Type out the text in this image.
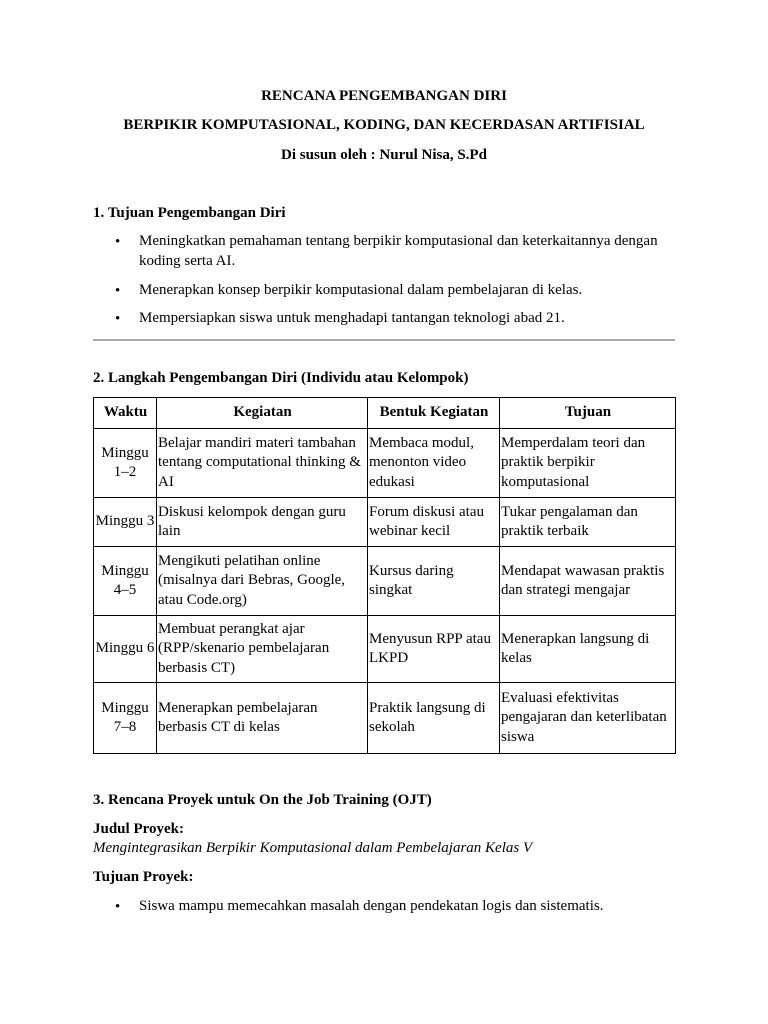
RENCANA PENGEMBANGAN DIRI
BERPIKIR KOMPUTASIONAL, KODING, DAN KECERDASAN ARTIFISIAL
Di susun oleh : Nurul Nisa, S.Pd
1. Tujuan Pengembangan Diri
• Meningkatkan pemahaman tentang berpikir komputasional dan keterkaitannya dengan koding serta AI.
• Menerapkan konsep berpikir komputasional dalam pembelajaran di kelas.
• Mempersiapkan siswa untuk menghadapi tantangan teknologi abad 21.
2. Langkah Pengembangan Diri (Individu atau Kelompok)
Waktu	Kegiatan	Bentuk Kegiatan	Tujuan
Minggu 1–2	Belajar mandiri materi tambahan tentang computational thinking & AI	Membaca modul, menonton video edukasi	Memperdalam teori dan praktik berpikir komputasional
Minggu 3	Diskusi kelompok dengan guru lain	Forum diskusi atau webinar kecil	Tukar pengalaman dan praktik terbaik
Minggu 4–5	Mengikuti pelatihan online (misalnya dari Bebras, Google, atau Code.org)	Kursus daring singkat	Mendapat wawasan praktis dan strategi mengajar
Minggu 6	Membuat perangkat ajar (RPP/skenario pembelajaran berbasis CT)	Menyusun RPP atau LKPD	Menerapkan langsung di kelas
Minggu 7–8	Menerapkan pembelajaran berbasis CT di kelas	Praktik langsung di sekolah	Evaluasi efektivitas pengajaran dan keterlibatan siswa
3. Rencana Proyek untuk On the Job Training (OJT)
Judul Proyek:
Mengintegrasikan Berpikir Komputasional dalam Pembelajaran Kelas V
Tujuan Proyek:
• Siswa mampu memecahkan masalah dengan pendekatan logis dan sistematis.
